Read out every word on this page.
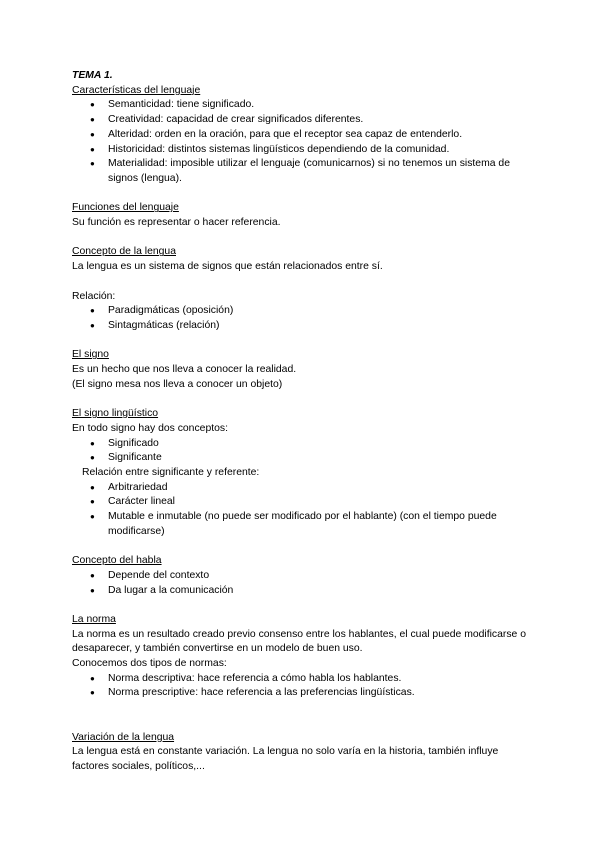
TEMA 1.

Características del lenguaje

● Semanticidad: tiene significado.
● Creatividad: capacidad de crear significados diferentes.
● Alteridad: orden en la oración, para que el receptor sea capaz de entenderlo.
● Historicidad: distintos sistemas lingüísticos dependiendo de la comunidad.
● Materialidad: imposible utilizar el lenguaje (comunicarnos) si no tenemos un sistema de signos (lengua).

Funciones del lenguaje

Su función es representar o hacer referencia.

Concepto de la lengua

La lengua es un sistema de signos que están relacionados entre sí.

Relación:

● Paradigmáticas (oposición)
● Sintagmáticas (relación)

El signo

Es un hecho que nos lleva a conocer la realidad.

(El signo mesa nos lleva a conocer un objeto)

El signo lingüístico

En todo signo hay dos conceptos:

● Significado
● Significante

Relación entre significante y referente:

● Arbitrariedad
● Carácter lineal
● Mutable e inmutable (no puede ser modificado por el hablante) (con el tiempo puede modificarse)

Concepto del habla

● Depende del contexto
● Da lugar a la comunicación

La norma

La norma es un resultado creado previo consenso entre los hablantes, el cual puede modificarse o desaparecer, y también convertirse en un modelo de buen uso.

Conocemos dos tipos de normas:

● Norma descriptiva: hace referencia a cómo habla los hablantes.
● Norma prescriptive: hace referencia a las preferencias lingüísticas.

Variación de la lengua

La lengua está en constante variación. La lengua no solo varía en la historia, también influye factores sociales, políticos,...
